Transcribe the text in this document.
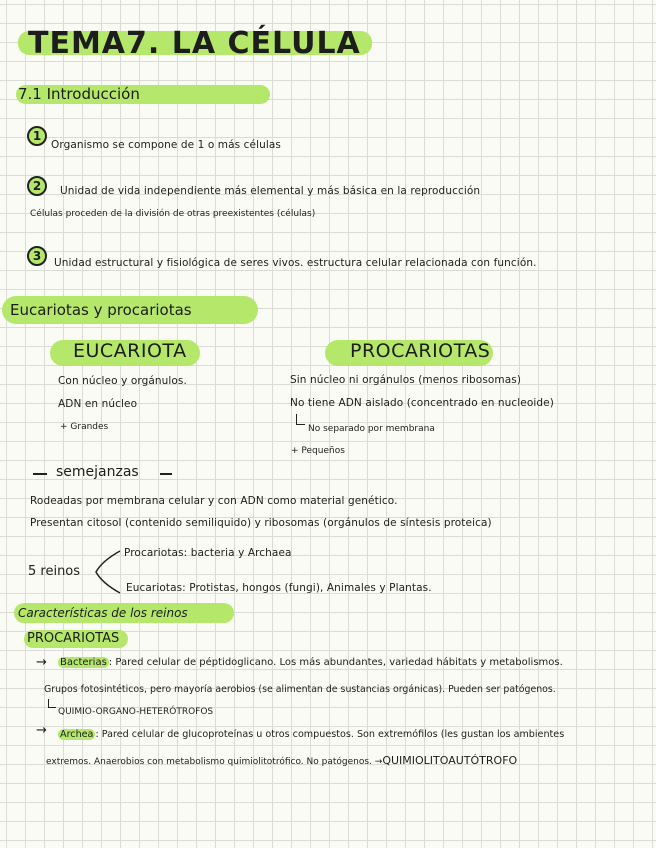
TEMA7. LA CÉLULA
7.1 Introducción
1
Organismo se compone de 1 o más células
2 Unidad de vida independiente más elemental y más básica en la reproducción
Células proceden de la división de otras preexistentes (células)
3 Unidad estructural y fisiológica de seres vivos. estructura celular relacionada con función.
Eucariotas y procariotas
EUCARIOTA
Con núcleo y orgánulos.
ADN en núcleo
+ Grandes
PROCARIOTAS
Sin núcleo ni orgánulos (menos ribosomas)
No tiene ADN aislado (concentrado en nucleoide)
No separado por membrana
+ Pequeños
semejanzas
Rodeadas por membrana celular y con ADN como material genético.
Presentan citosol (contenido semiliquido) y ribosomas (orgánulos de síntesis proteica)
5 reinos
Procariotas: bacteria y Archaea
Eucariotas: Protistas, hongos (fungi), Animales y Plantas.
Características de los reinos
PROCARIOTAS
→ Bacterias : Pared celular de péptidoglicano. Los más abundantes, variedad hábitats y metabolismos.
Grupos fotosintéticos, pero mayoría aerobios (se alimentan de sustancias orgánicas). Pueden ser patógenos.
QUIMIO-ORGANO-HETERÓTROFOS
→ Archea : Pared celular de glucoproteínas u otros compuestos. Son extremófilos (les gustan los ambientes
extremos. Anaerobios con metabolismo quimiolitotrófico. No patógenos. →QUIMIOLITOAUTÓTROFO
